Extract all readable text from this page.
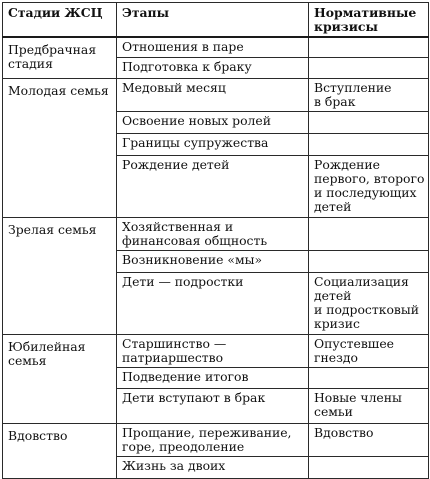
Стадии ЖСЦ	Этапы	Нормативные
кризисы

Предбрачная
стадия	Отношения в паре	

	Подготовка к браку	

Молодая семья	Медовый месяц	Вступление
в брак

	Освоение новых ролей	

	Границы супружества	

	Рождение детей	Рождение
первого, второго
и последующих
детей

Зрелая семья	Хозяйственная и
финансовая общность	

	Возникновение «мы»	

	Дети — подростки	Социализация
детей
и подростковый
кризис

Юбилейная
семья	Старшинство —
патриаршество	Опустевшее
гнездо

	Подведение итогов	

	Дети вступают в брак	Новые члены
семьи

Вдовство	Прощание, переживание,
горе, преодоление	Вдовство

	Жизнь за двоих	
